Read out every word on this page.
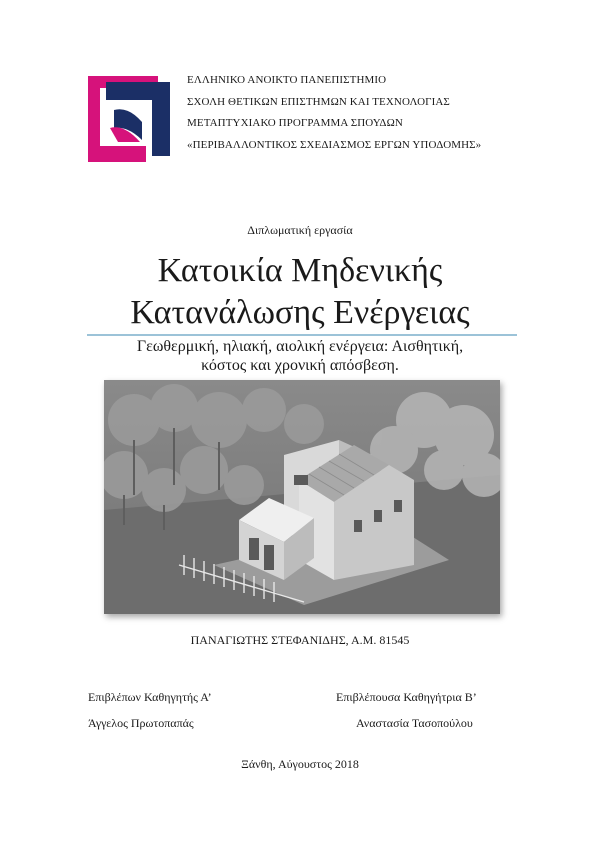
ΕΛΛΗΝΙΚΟ ΑΝΟΙΚΤΟ ΠΑΝΕΠΙΣΤΗΜΙΟ
ΣΧΟΛΗ ΘΕΤΙΚΩΝ ΕΠΙΣΤΗΜΩΝ ΚΑΙ ΤΕΧΝΟΛΟΓΙΑΣ
ΜΕΤΑΠΤΥΧΙΑΚΟ ΠΡΟΓΡΑΜΜΑ ΣΠΟΥΔΩΝ
«ΠΕΡΙΒΑΛΛΟΝΤΙΚΟΣ ΣΧΕΔΙΑΣΜΟΣ ΕΡΓΩΝ ΥΠΟΔΟΜΗΣ»
Διπλωματική εργασία
Κατοικία Μηδενικής
Κατανάλωσης Ενέργειας
Γεωθερμική, ηλιακή, αιολική ενέργεια: Αισθητική,
κόστος και χρονική απόσβεση.
ΠΑΝΑΓΙΩΤΗΣ ΣΤΕΦΑΝΙΔΗΣ, Α.Μ. 81545
Επιβλέπων Καθηγητής Α’
Άγγελος Πρωτοπαπάς
Επιβλέπουσα Καθηγήτρια Β’
Αναστασία Τασοπούλου
Ξάνθη, Αύγουστος 2018
